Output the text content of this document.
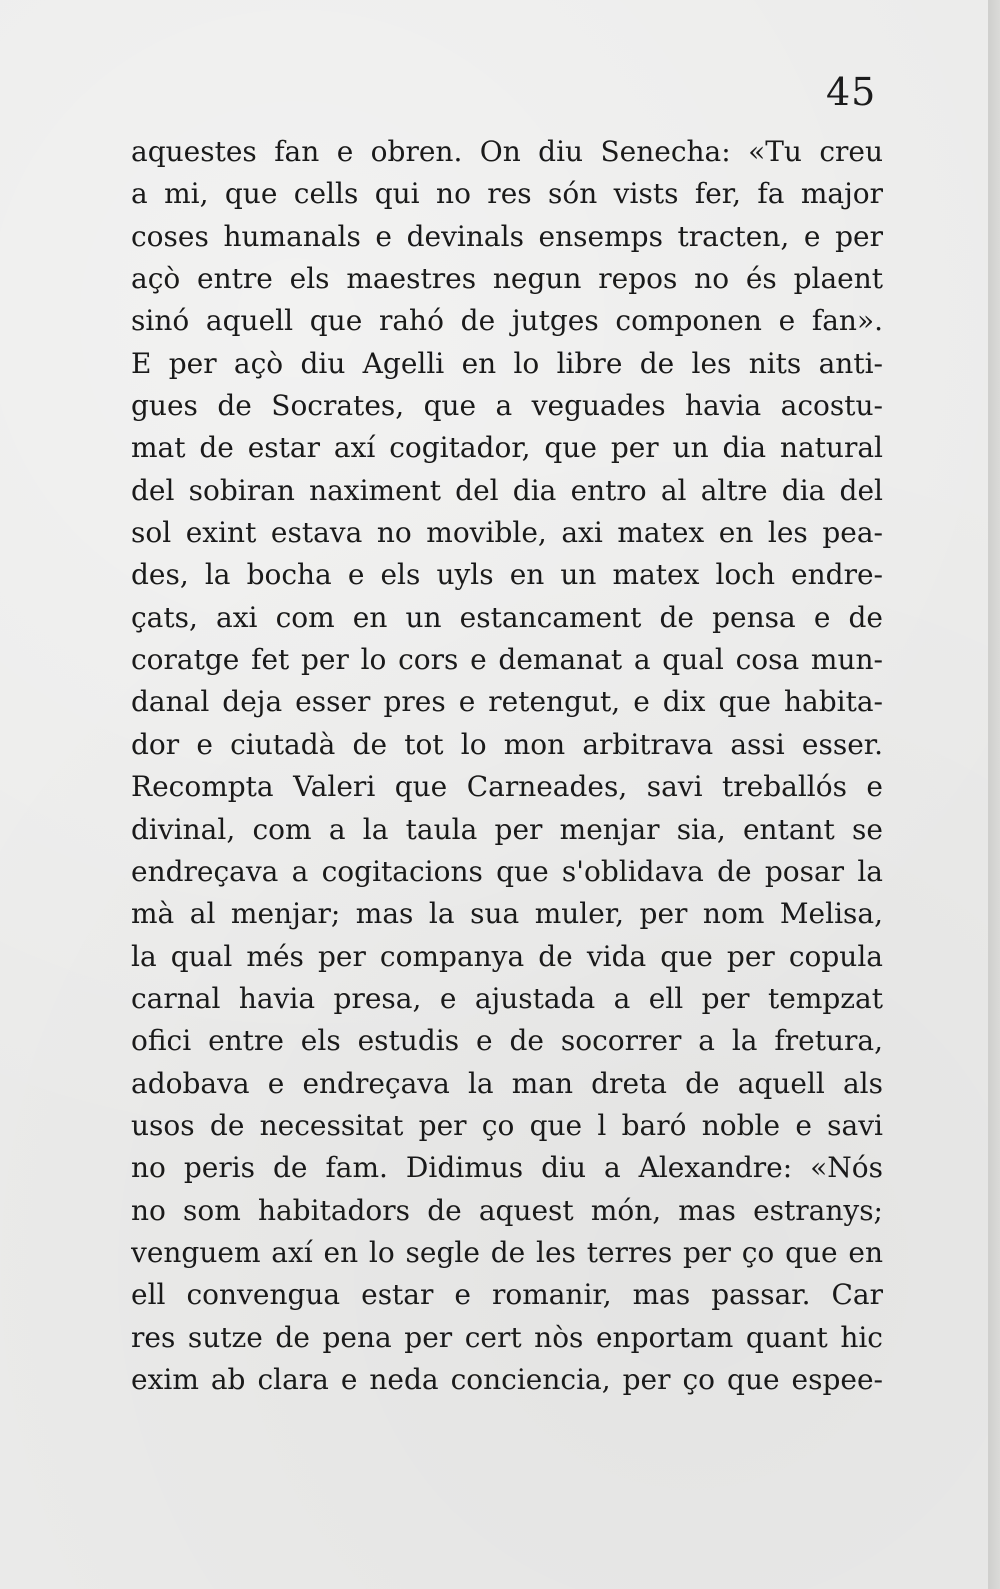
45
aquestes fan e obren. On diu Senecha: «Tu creu
a mi, que cells qui no res són vists fer, fa major
coses humanals e devinals ensemps tracten, e per
açò entre els maestres negun repos no és plaent
sinó aquell que rahó de jutges componen e fan».
E per açò diu Agelli en lo libre de les nits anti-
gues de Socrates, que a veguades havia acostu-
mat de estar axí cogitador, que per un dia natural
del sobiran naximent del dia entro al altre dia del
sol exint estava no movible, axi matex en les pea-
des, la bocha e els uyls en un matex loch endre-
çats, axi com en un estancament de pensa e de
coratge fet per lo cors e demanat a qual cosa mun-
danal deja esser pres e retengut, e dix que habita-
dor e ciutadà de tot lo mon arbitrava assi esser.
Recompta Valeri que Carneades, savi treballós e
divinal, com a la taula per menjar sia, entant se
endreçava a cogitacions que s'oblidava de posar la
mà al menjar; mas la sua muler, per nom Melisa,
la qual més per companya de vida que per copula
carnal havia presa, e ajustada a ell per tempzat
ofici entre els estudis e de socorrer a la fretura,
adobava e endreçava la man dreta de aquell als
usos de necessitat per ço que l baró noble e savi
no peris de fam. Didimus diu a Alexandre: «Nós
no som habitadors de aquest món, mas estranys;
venguem axí en lo segle de les terres per ço que en
ell convengua estar e romanir, mas passar. Car
res sutze de pena per cert nòs enportam quant hic
exim ab clara e neda conciencia, per ço que espee-
